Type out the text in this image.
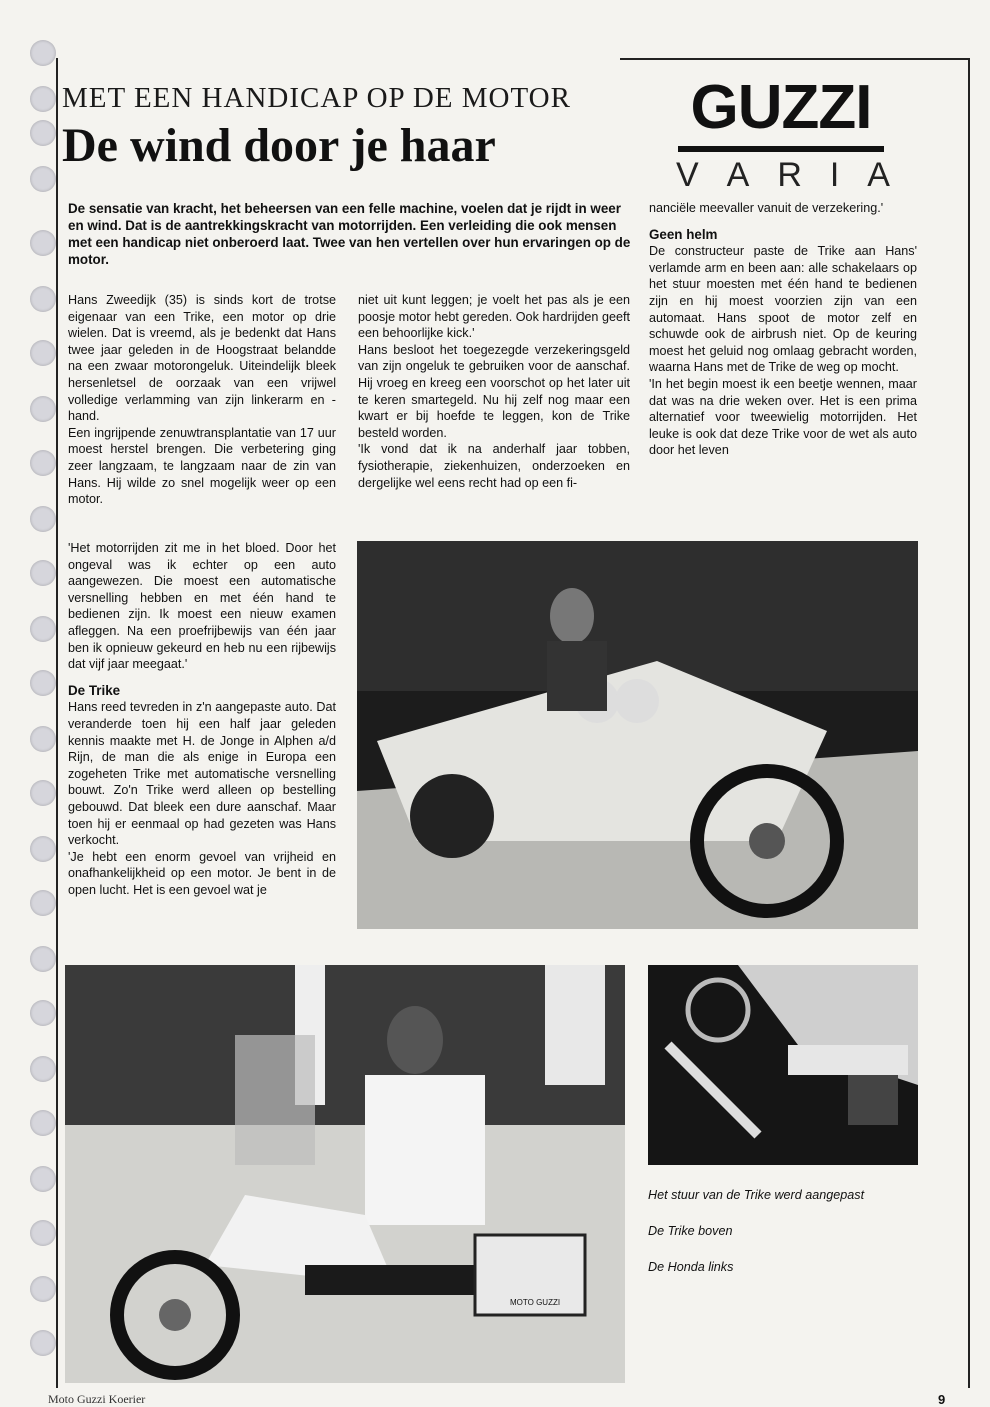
MET EEN HANDICAP OP DE MOTOR
De wind door je haar
GUZZI
V A R I A
De sensatie van kracht, het beheersen van een felle machine, voelen dat je rijdt in weer en wind. Dat is de aantrekkingskracht van motorrijden. Een verleiding die ook mensen met een handicap niet onberoerd laat. Twee van hen vertellen over hun ervaringen op de motor.

Hans Zweedijk (35) is sinds kort de trotse eigenaar van een Trike, een motor op drie wielen. Dat is vreemd, als je bedenkt dat Hans twee jaar geleden in de Hoogstraat belandde na een zwaar motorongeluk. Uiteindelijk bleek hersenletsel de oorzaak van een vrijwel volledige verlamming van zijn linkerarm en -hand.

Een ingrijpende zenuwtransplantatie van 17 uur moest herstel brengen. Die verbetering ging zeer langzaam, te langzaam naar de zin van Hans. Hij wilde zo snel mogelijk weer op een motor.

'Het motorrijden zit me in het bloed. Door het ongeval was ik echter op een auto aangewezen. Die moest een automatische versnelling hebben en met één hand te bedienen zijn. Ik moest een nieuw examen afleggen. Na een proefrijbewijs van één jaar ben ik opnieuw gekeurd en heb nu een rijbewijs dat vijf jaar meegaat.'

De Trike

Hans reed tevreden in z'n aangepaste auto. Dat veranderde toen hij een half jaar geleden kennis maakte met H. de Jonge in Alphen a/d Rijn, de man die als enige in Europa een zogeheten Trike met automatische versnelling bouwt. Zo'n Trike werd alleen op bestelling gebouwd. Dat bleek een dure aanschaf. Maar toen hij er eenmaal op had gezeten was Hans verkocht.

'Je hebt een enorm gevoel van vrijheid en onafhankelijkheid op een motor. Je bent in de open lucht. Het is een gevoel wat je

niet uit kunt leggen; je voelt het pas als je een poosje motor hebt gereden. Ook hardrijden geeft een behoorlijke kick.'

Hans besloot het toegezegde verzekeringsgeld van zijn ongeluk te gebruiken voor de aanschaf. Hij vroeg en kreeg een voorschot op het later uit te keren smartegeld. Nu hij zelf nog maar een kwart er bij hoefde te leggen, kon de Trike besteld worden.

'Ik vond dat ik na anderhalf jaar tobben, fysiotherapie, ziekenhuizen, onderzoeken en dergelijke wel eens recht had op een fi-

nanciële meevaller vanuit de verzekering.'

Geen helm

De constructeur paste de Trike aan Hans' verlamde arm en been aan: alle schakelaars op het stuur moesten met één hand te bedienen zijn en hij moest voorzien zijn van een automaat. Hans spoot de motor zelf en schuwde ook de airbrush niet. Op de keuring moest het geluid nog omlaag gebracht worden, waarna Hans met de Trike de weg op mocht.

'In het begin moest ik een beetje wennen, maar dat was na drie weken over. Het is een prima alternatief voor tweewielig motorrijden. Het leuke is ook dat deze Trike voor de wet als auto door het leven

MOTO GUZZI
Het stuur van de Trike werd aangepast
De Trike boven
De Honda links
Moto Guzzi Koerier	9
